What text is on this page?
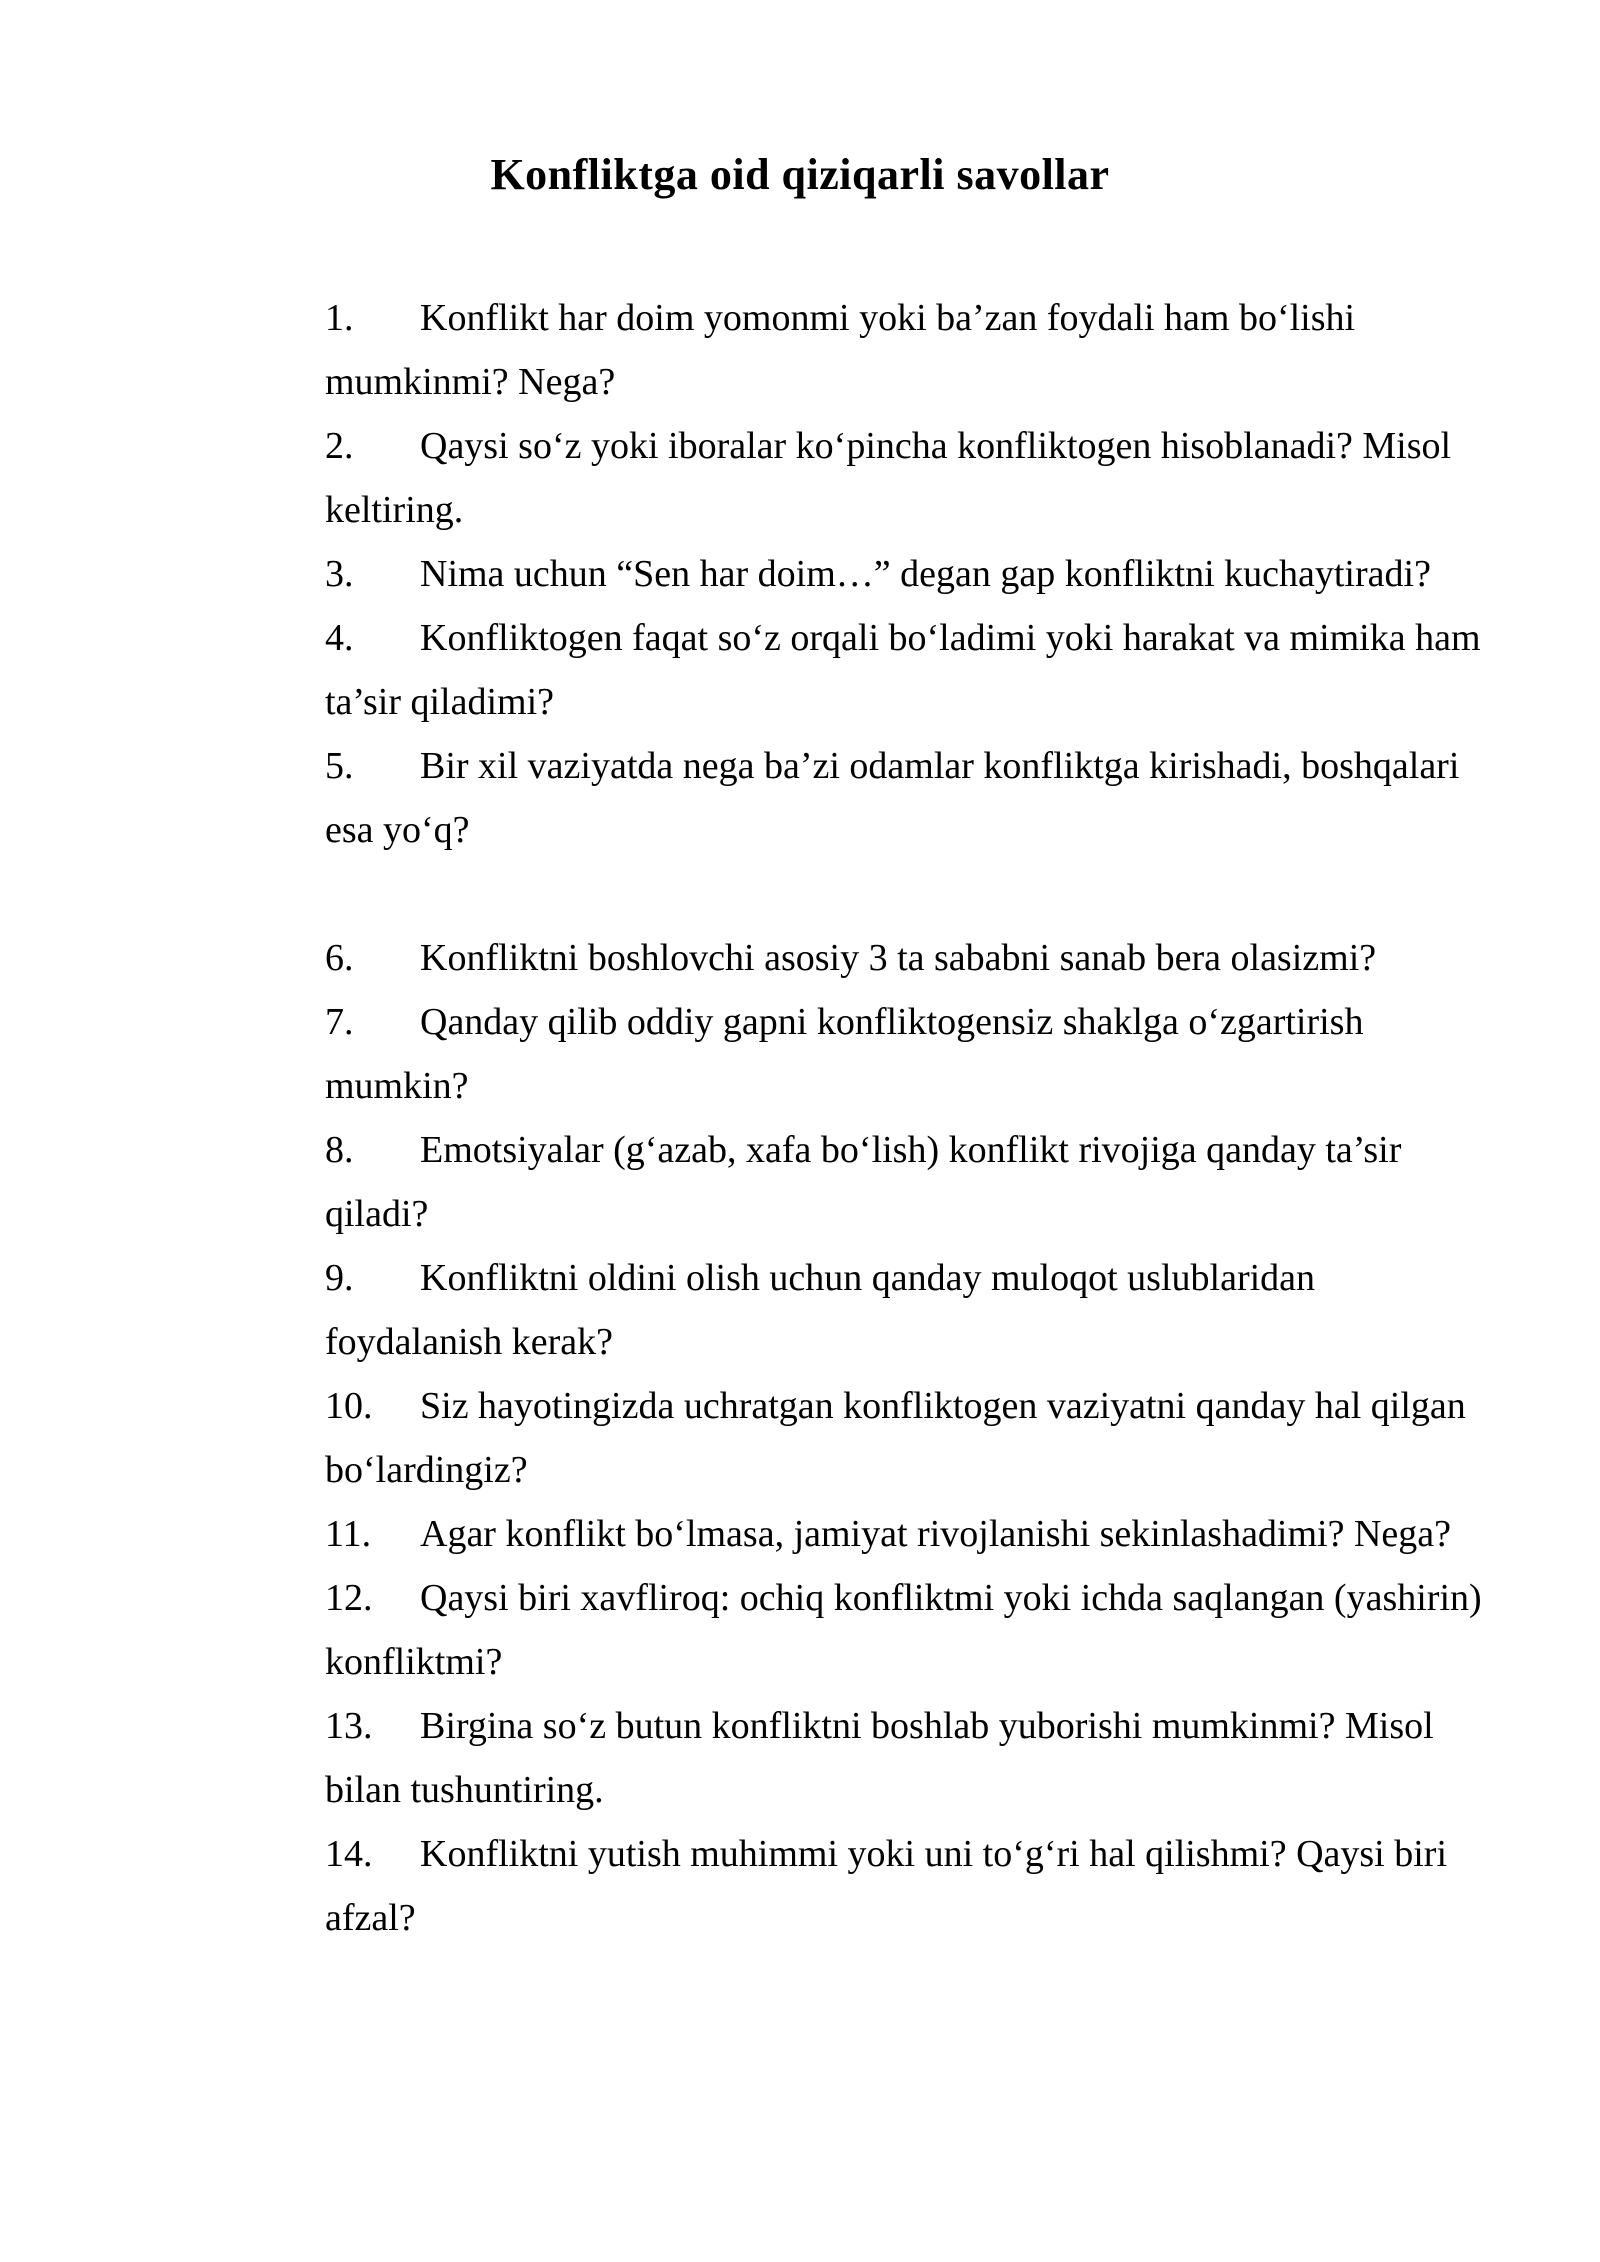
Konfliktga oid qiziqarli savollar
1. Konflikt har doim yomonmi yoki ba’zan foydali ham bo‘lishi
mumkinmi? Nega?
2. Qaysi so‘z yoki iboralar ko‘pincha konfliktogen hisoblanadi? Misol
keltiring.
3. Nima uchun “Sen har doim…” degan gap konfliktni kuchaytiradi?
4. Konfliktogen faqat so‘z orqali bo‘ladimi yoki harakat va mimika ham
ta’sir qiladimi?
5. Bir xil vaziyatda nega ba’zi odamlar konfliktga kirishadi, boshqalari
esa yo‘q?
6. Konfliktni boshlovchi asosiy 3 ta sababni sanab bera olasizmi?
7. Qanday qilib oddiy gapni konfliktogensiz shaklga o‘zgartirish
mumkin?
8. Emotsiyalar (g‘azab, xafa bo‘lish) konflikt rivojiga qanday ta’sir
qiladi?
9. Konfliktni oldini olish uchun qanday muloqot uslublaridan
foydalanish kerak?
10. Siz hayotingizda uchratgan konfliktogen vaziyatni qanday hal qilgan
bo‘lardingiz?
11. Agar konflikt bo‘lmasa, jamiyat rivojlanishi sekinlashadimi? Nega?
12. Qaysi biri xavfliroq: ochiq konfliktmi yoki ichda saqlangan (yashirin)
konfliktmi?
13. Birgina so‘z butun konfliktni boshlab yuborishi mumkinmi? Misol
bilan tushuntiring.
14. Konfliktni yutish muhimmi yoki uni to‘g‘ri hal qilishmi? Qaysi biri
afzal?
